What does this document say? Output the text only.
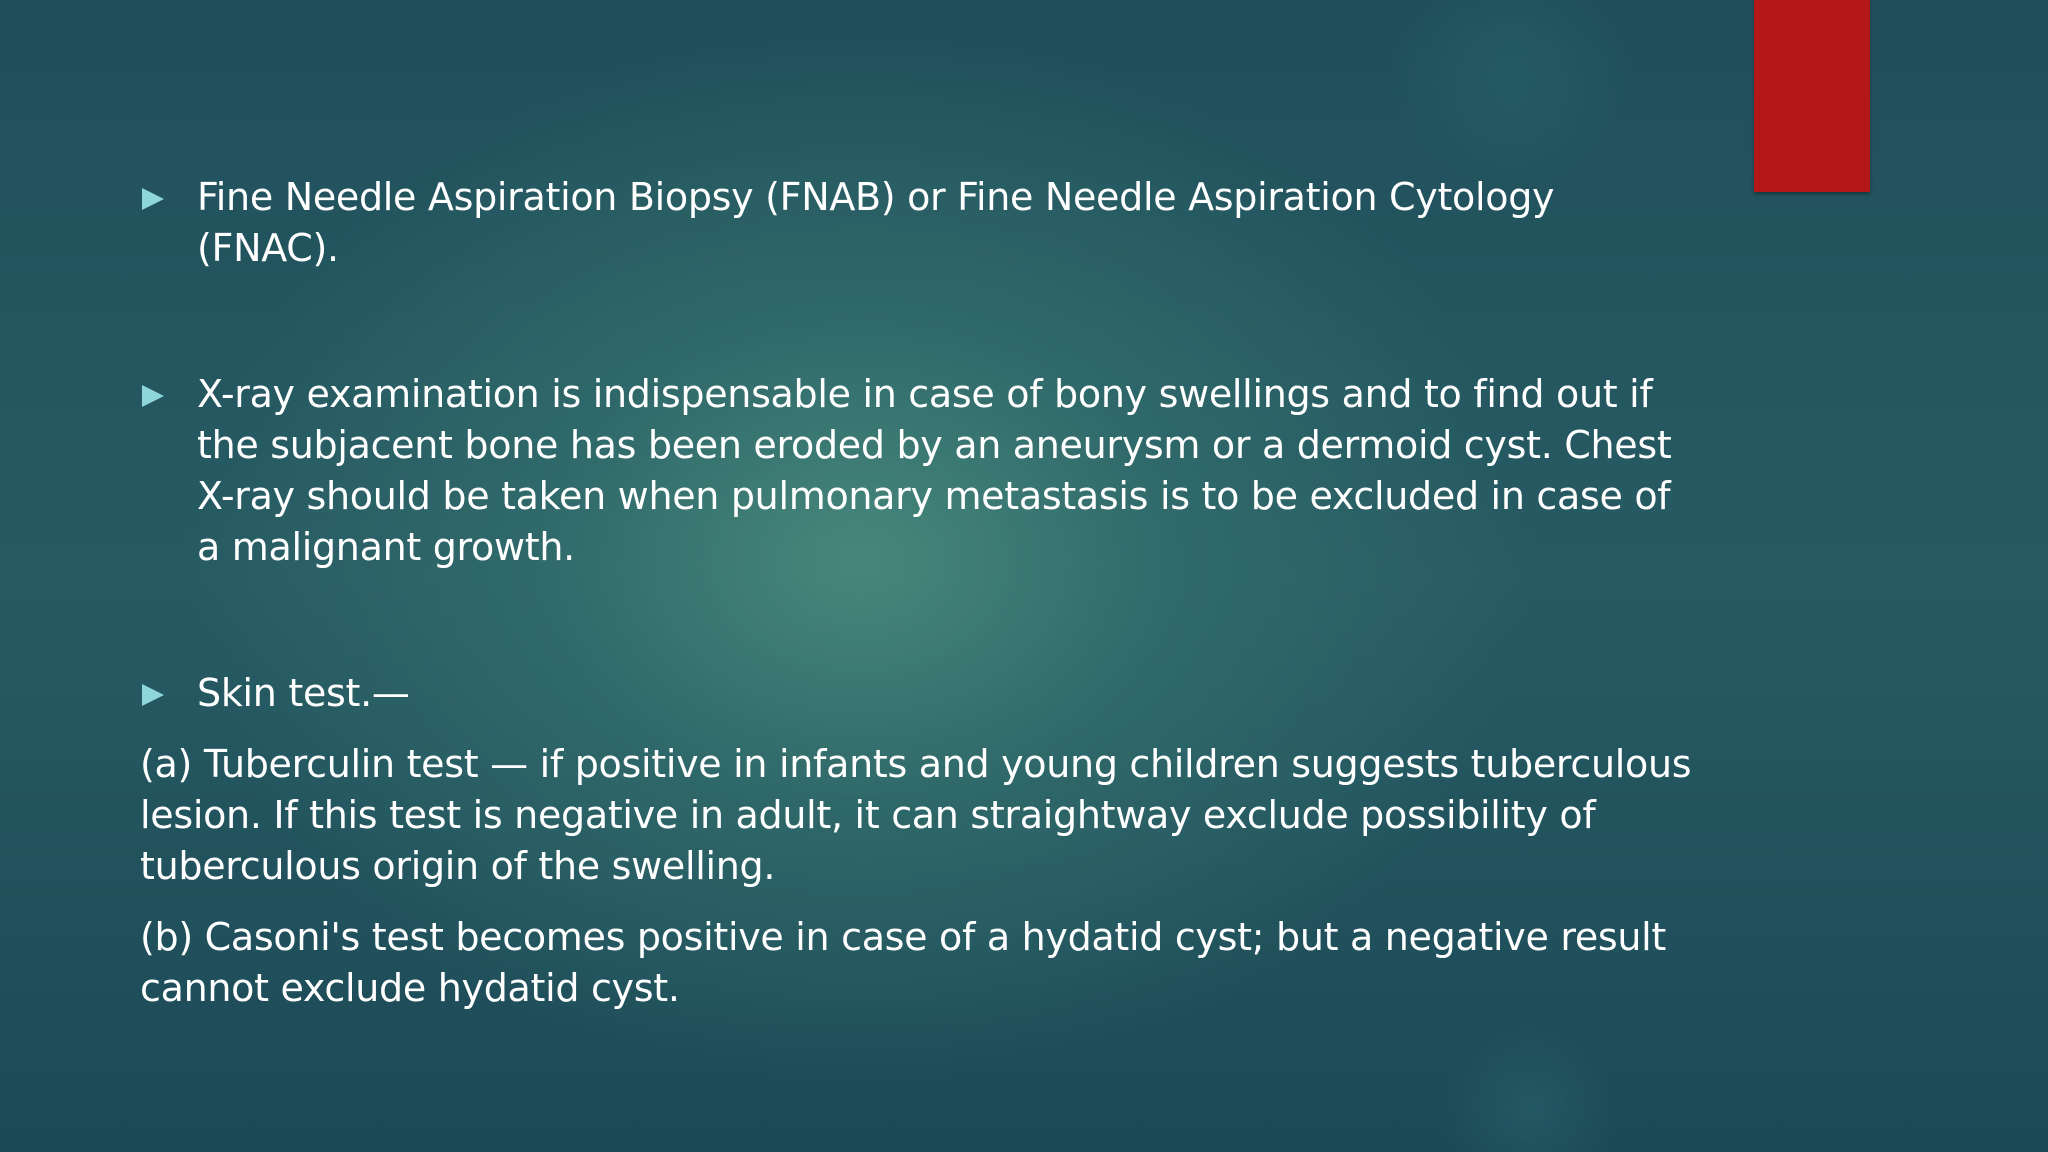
Fine Needle Aspiration Biopsy (FNAB) or Fine Needle Aspiration Cytology (FNAC).
X-ray examination is indispensable in case of bony swellings and to find out if the subjacent bone has been eroded by an aneurysm or a dermoid cyst. Chest X-ray should be taken when pulmonary metastasis is to be excluded in case of a malignant growth.
Skin test.—
(a) Tuberculin test — if positive in infants and young children suggests tuberculous lesion. If this test is negative in adult, it can straightway exclude possibility of tuberculous origin of the swelling.
(b) Casoni's test becomes positive in case of a hydatid cyst; but a negative result cannot exclude hydatid cyst.
